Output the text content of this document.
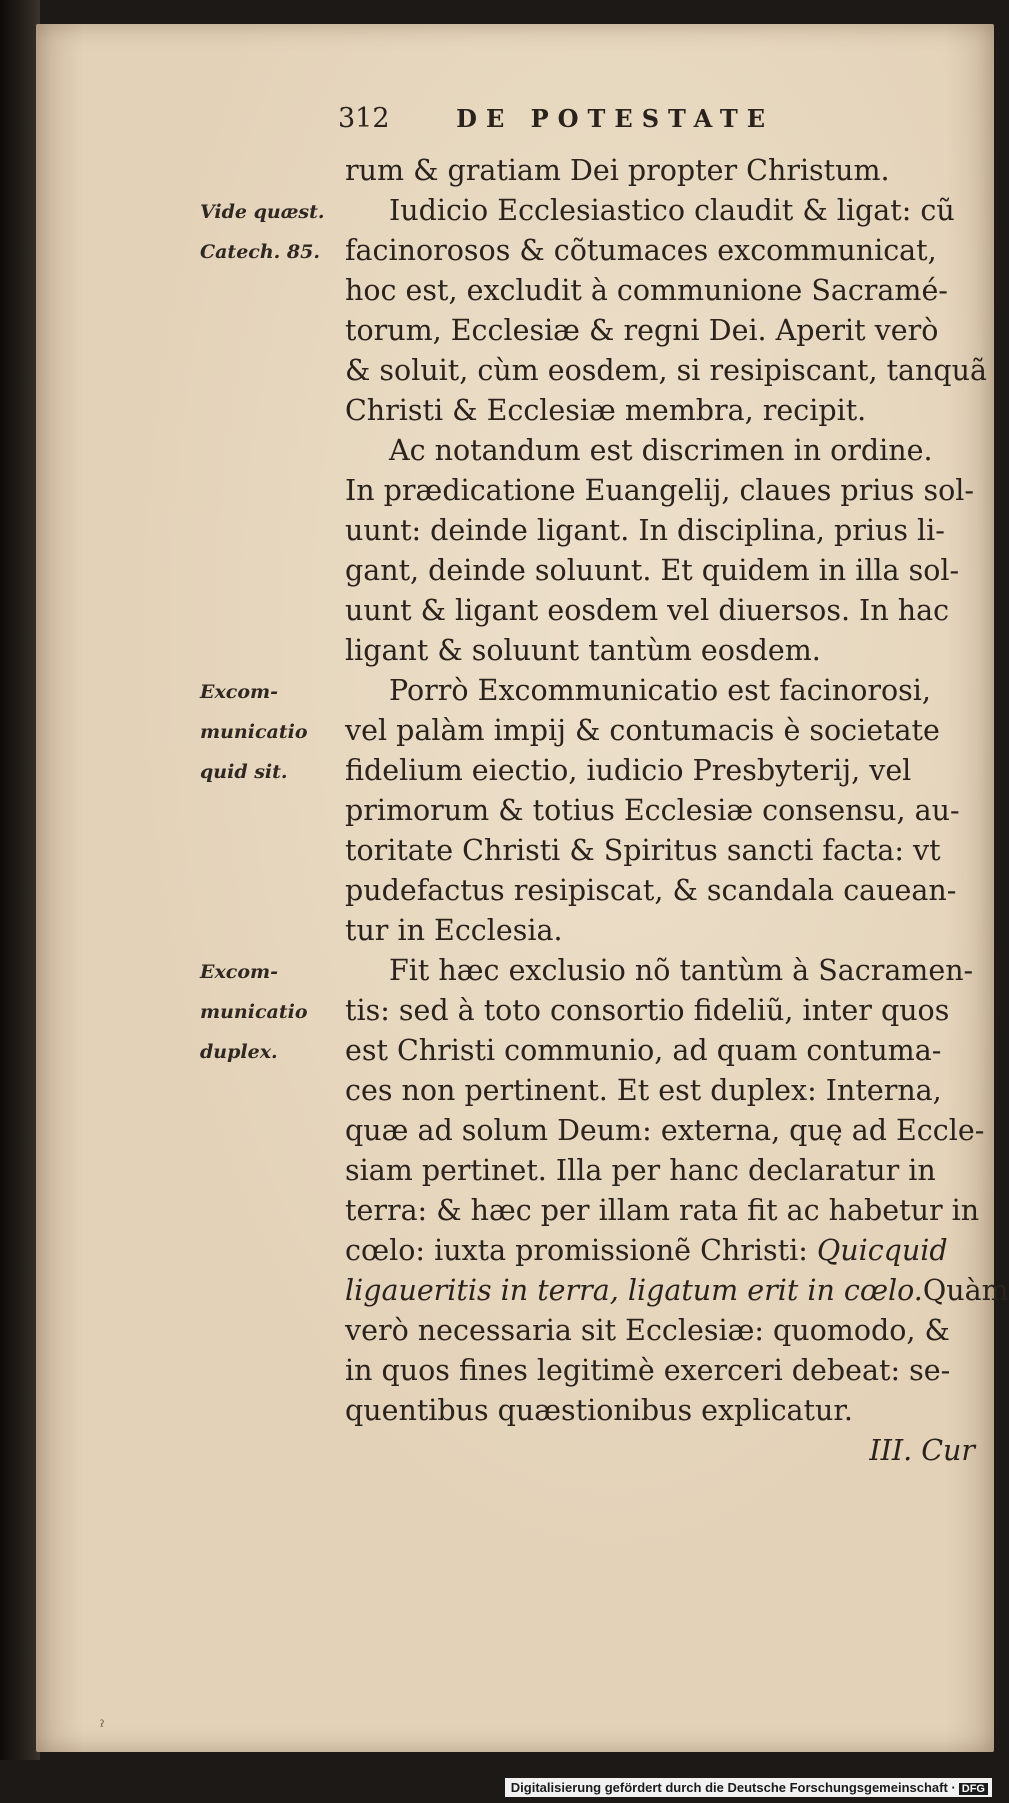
312	DE POTESTATE
Vide quæst.
Catech. 85.
Excom-
municatio
quid sit.
Excom-
municatio
duplex.
rum & gratiam Dei propter Christum.
Iudicio Ecclesiastico claudit & ligat: cũ
facinorosos & cõtumaces excommunicat,
hoc est, excludit à communione Sacramé-
torum, Ecclesiæ & regni Dei. Aperit verò
& soluit, cùm eosdem, si resipiscant, tanquã
Christi & Ecclesiæ membra, recipit.
Ac notandum est discrimen in ordine.
In prædicatione Euangelij, claues prius sol-
uunt: deinde ligant. In disciplina, prius li-
gant, deinde soluunt. Et quidem in illa sol-
uunt & ligant eosdem vel diuersos. In hac
ligant & soluunt tantùm eosdem.
Porrò Excommunicatio est facinorosi,
vel palàm impij & contumacis è societate
fidelium eiectio, iudicio Presbyterij, vel
primorum & totius Ecclesiæ consensu, au-
toritate Christi & Spiritus sancti facta: vt
pudefactus resipiscat, & scandala cauean-
tur in Ecclesia.
Fit hæc exclusio nõ tantùm à Sacramen-
tis: sed à toto consortio fideliũ, inter quos
est Christi communio, ad quam contuma-
ces non pertinent. Et est duplex: Interna,
quæ ad solum Deum: externa, quę ad Eccle-
siam pertinet. Illa per hanc declaratur in
terra: & hæc per illam rata fit ac habetur in
cœlo: iuxta promissionẽ Christi: Quicquid
ligaueritis in terra, ligatum erit in cœlo.Quàm
verò necessaria sit Ecclesiæ: quomodo, &
in quos fines legitimè exerceri debeat: se-
quentibus quæstionibus explicatur.
III. Cur
ˀ
Digitalisierung gefördert durch die Deutsche Forschungsgemeinschaft · DFG
